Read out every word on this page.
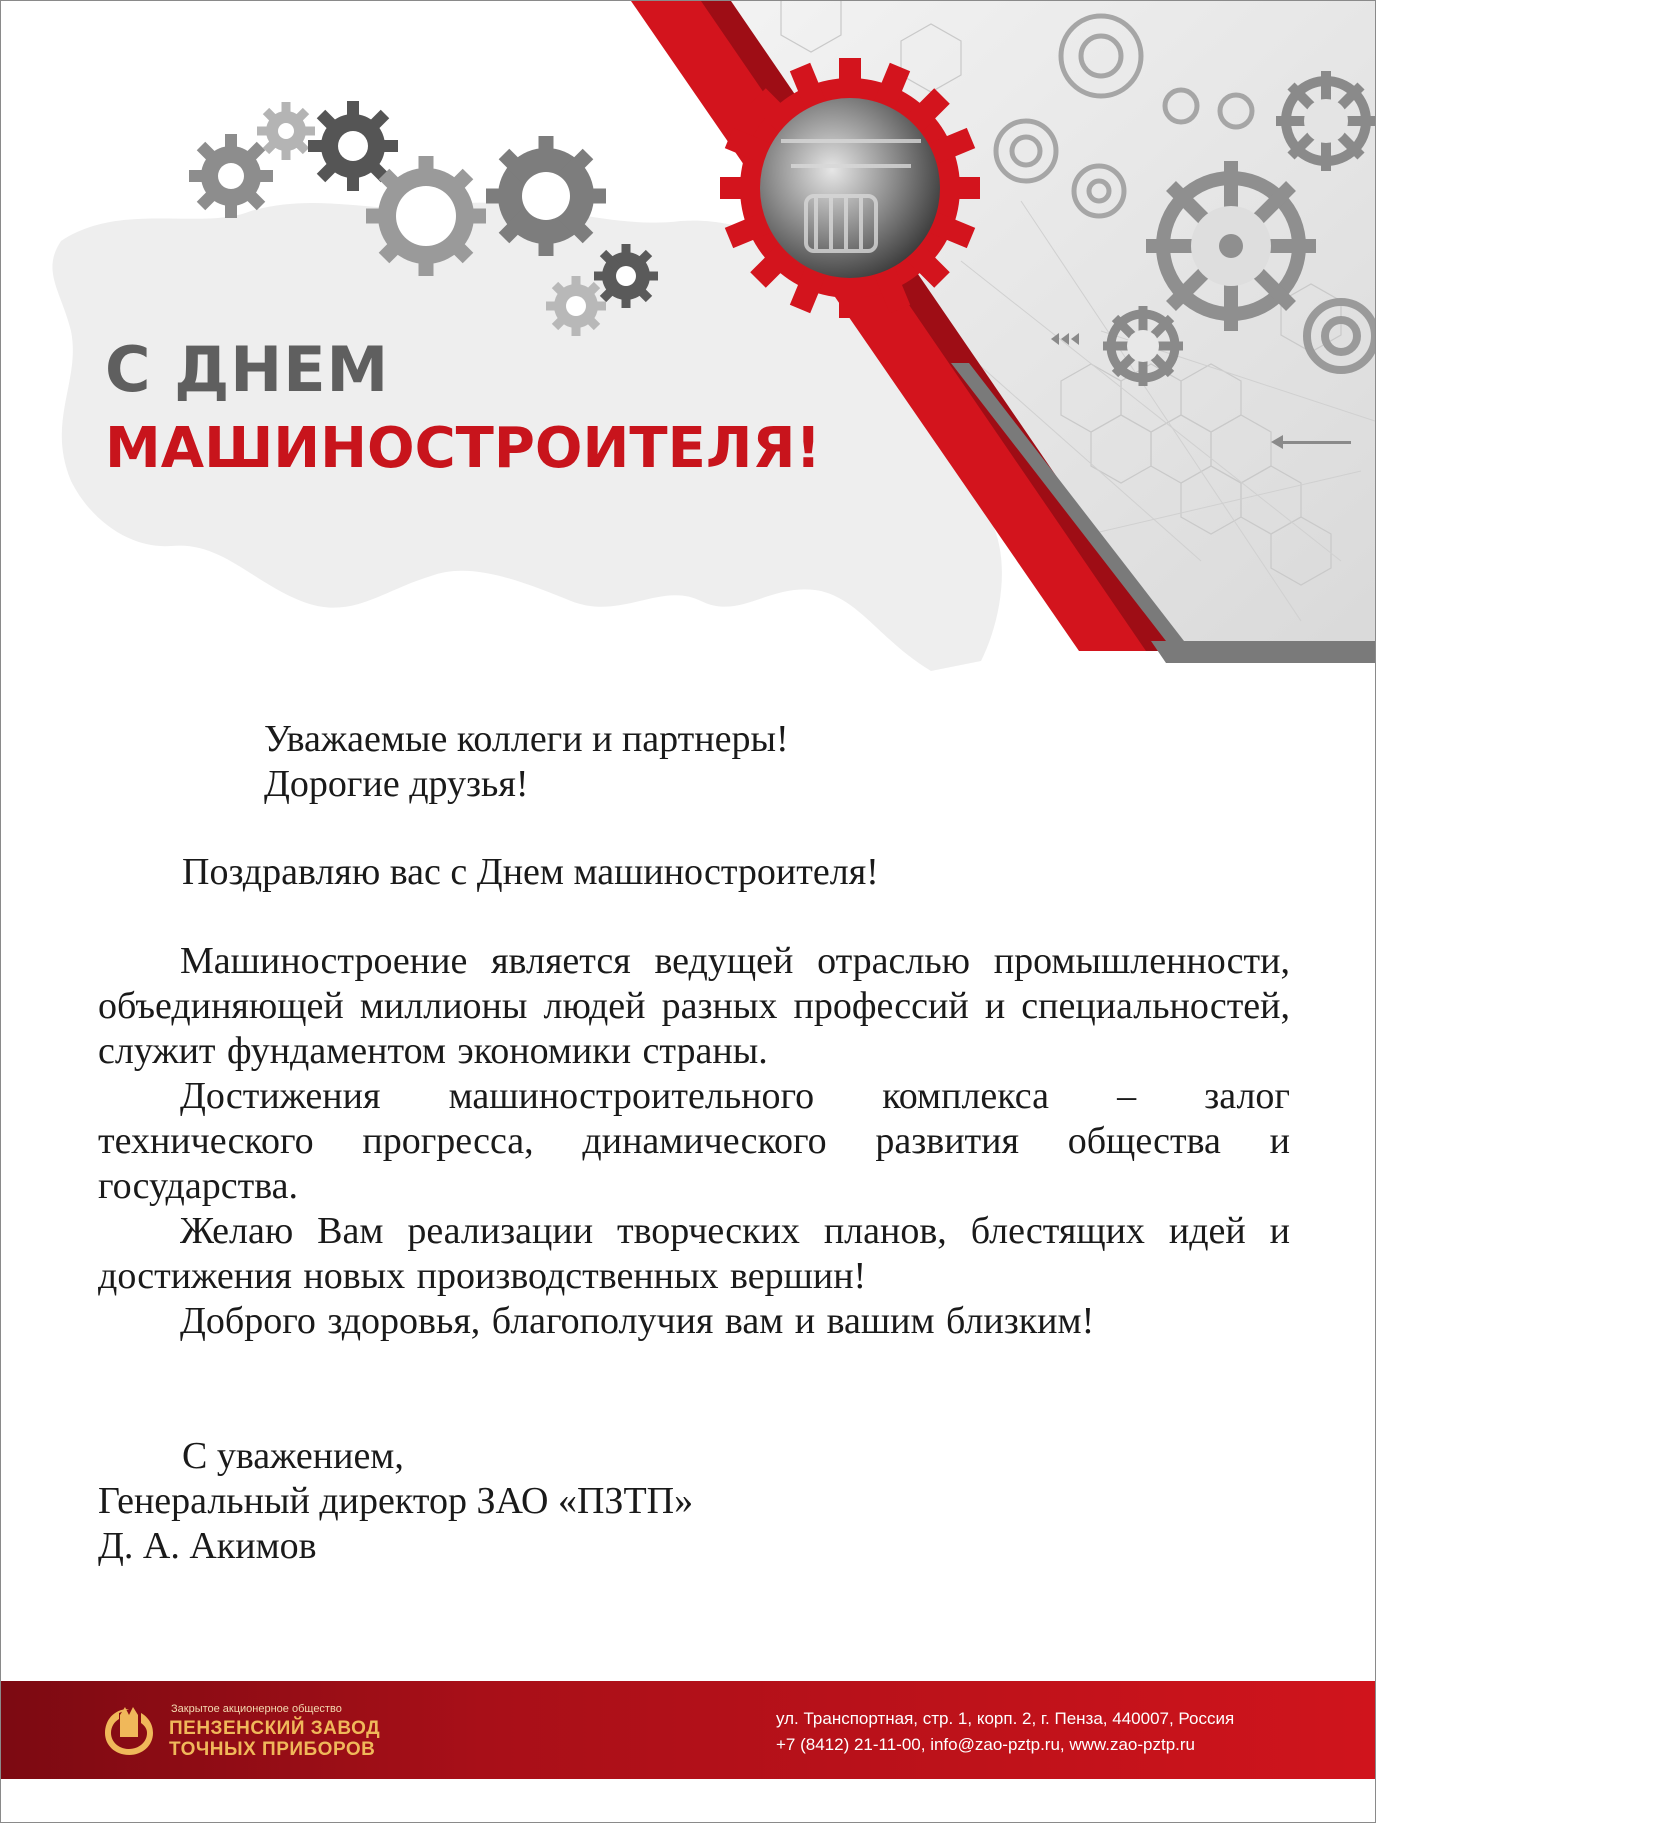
С ДНЕМ
МАШИНОСТРОИТЕЛЯ!

Уважаемые коллеги и партнеры!

Дорогие друзья!

Поздравляю вас с Днем машиностроителя!

Машиностроение является ведущей отраслью промышленности, объединяющей миллионы людей разных профессий и специальностей, служит фундаментом экономики страны.

Достижения машиностроительного комплекса – залог технического прогресса, динамического развития общества и государства.

Желаю Вам реализации творческих планов, блестящих идей и достижения новых производственных вершин!

Доброго здоровья, благополучия вам и вашим близким!

С уважением,

Генеральный директор ЗАО «ПЗТП»

Д. А. Акимов

Закрытое акционерное общество
ПЕНЗЕНСКИЙ ЗАВОД
ТОЧНЫХ ПРИБОРОВ
ул. Транспортная, стр. 1, корп. 2, г. Пенза, 440007, Россия
+7 (8412) 21-11-00, info@zao-pztp.ru, www.zao-pztp.ru
